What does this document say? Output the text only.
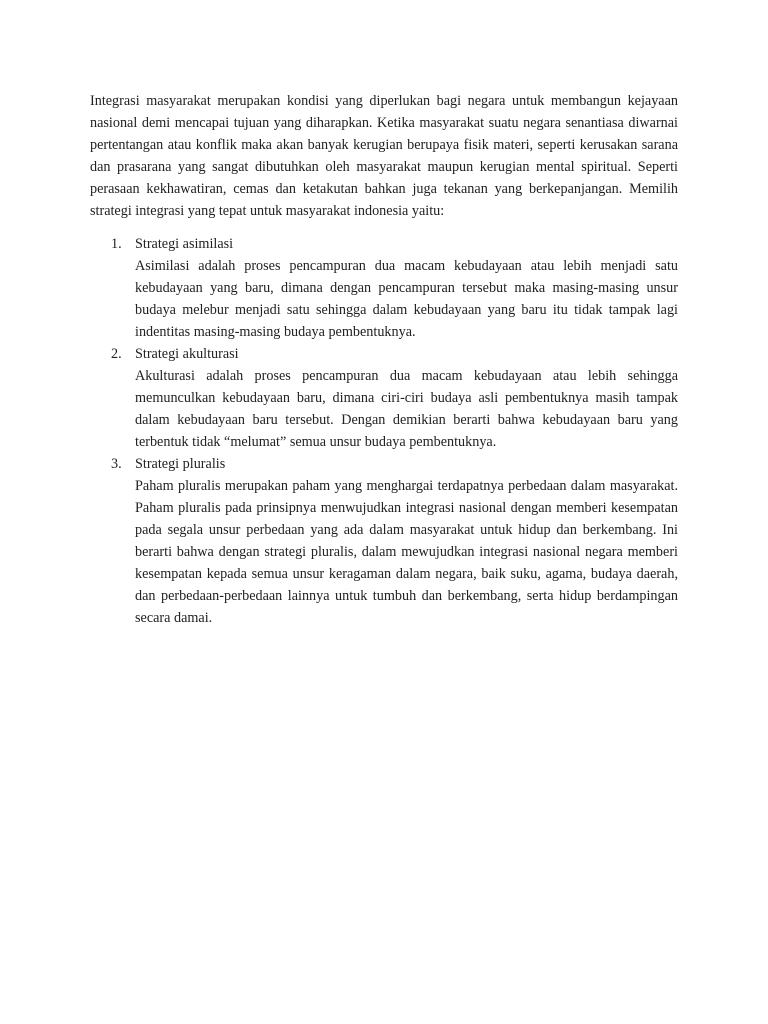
Integrasi masyarakat merupakan kondisi yang diperlukan bagi negara untuk membangun kejayaan nasional demi mencapai tujuan yang diharapkan. Ketika masyarakat suatu negara senantiasa diwarnai pertentangan atau konflik maka akan banyak kerugian berupaya fisik materi, seperti kerusakan sarana dan prasarana yang sangat dibutuhkan oleh masyarakat maupun kerugian mental spiritual. Seperti perasaan kekhawatiran, cemas dan ketakutan bahkan juga tekanan yang berkepanjangan. Memilih strategi integrasi yang tepat untuk masyarakat indonesia yaitu:

1. Strategi asimilasi
Asimilasi adalah proses pencampuran dua macam kebudayaan atau lebih menjadi satu kebudayaan yang baru, dimana dengan pencampuran tersebut maka masing-masing unsur budaya melebur menjadi satu sehingga dalam kebudayaan yang baru itu tidak tampak lagi indentitas masing-masing budaya pembentuknya.
2. Strategi akulturasi
Akulturasi adalah proses pencampuran dua macam kebudayaan atau lebih sehingga memunculkan kebudayaan baru, dimana ciri-ciri budaya asli pembentuknya masih tampak dalam kebudayaan baru tersebut. Dengan demikian berarti bahwa kebudayaan baru yang terbentuk tidak “melumat” semua unsur budaya pembentuknya.
3. Strategi pluralis
Paham pluralis merupakan paham yang menghargai terdapatnya perbedaan dalam masyarakat. Paham pluralis pada prinsipnya menwujudkan integrasi nasional dengan memberi kesempatan pada segala unsur perbedaan yang ada dalam masyarakat untuk hidup dan berkembang. Ini berarti bahwa dengan strategi pluralis, dalam mewujudkan integrasi nasional negara memberi kesempatan kepada semua unsur keragaman dalam negara, baik suku, agama, budaya daerah, dan perbedaan-perbedaan lainnya untuk tumbuh dan berkembang, serta hidup berdampingan secara damai.
